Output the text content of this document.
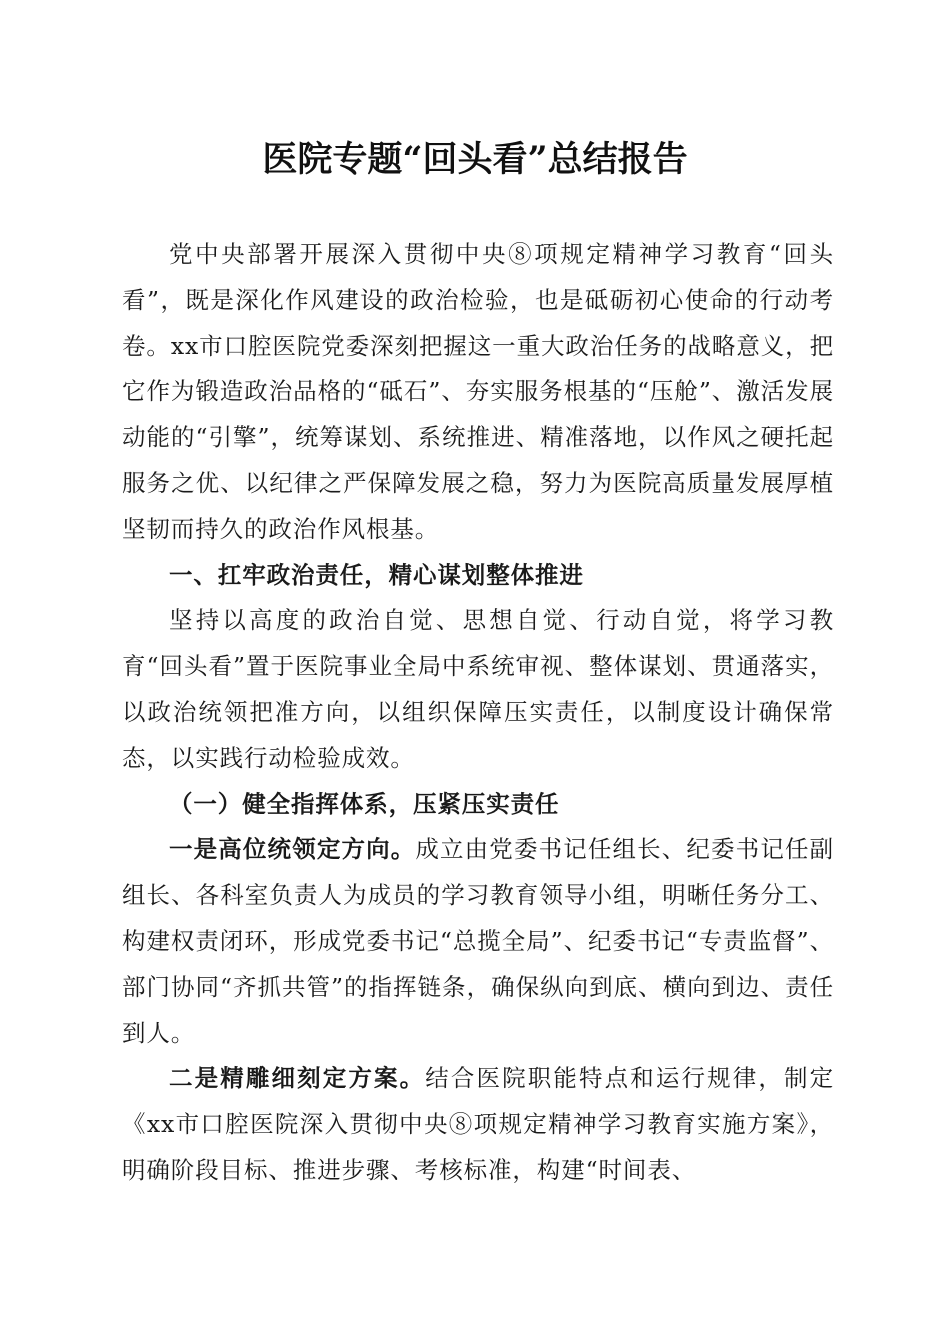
医院专题“回头看”总结报告

党中央部署开展深入贯彻中央⑧项规定精神学习教育“回头看”，既是深化作风建设的政治检验，也是砥砺初心使命的行动考卷。xx市口腔医院党委深刻把握这一重大政治任务的战略意义，把它作为锻造政治品格的“砥石”、夯实服务根基的“压舱”、激活发展动能的“引擎”，统筹谋划、系统推进、精准落地，以作风之硬托起服务之优、以纪律之严保障发展之稳，努力为医院高质量发展厚植坚韧而持久的政治作风根基。

一、扛牢政治责任，精心谋划整体推进

坚持以高度的政治自觉、思想自觉、行动自觉，将学习教育“回头看”置于医院事业全局中系统审视、整体谋划、贯通落实，以政治统领把准方向，以组织保障压实责任，以制度设计确保常态，以实践行动检验成效。

（一）健全指挥体系，压紧压实责任

一是高位统领定方向。成立由党委书记任组长、纪委书记任副组长、各科室负责人为成员的学习教育领导小组，明晰任务分工、构建权责闭环，形成党委书记“总揽全局”、纪委书记“专责监督”、部门协同“齐抓共管”的指挥链条，确保纵向到底、横向到边、责任到人。

二是精雕细刻定方案。结合医院职能特点和运行规律，制定《xx市口腔医院深入贯彻中央⑧项规定精神学习教育实施方案》，明确阶段目标、推进步骤、考核标准，构建“时间表、
